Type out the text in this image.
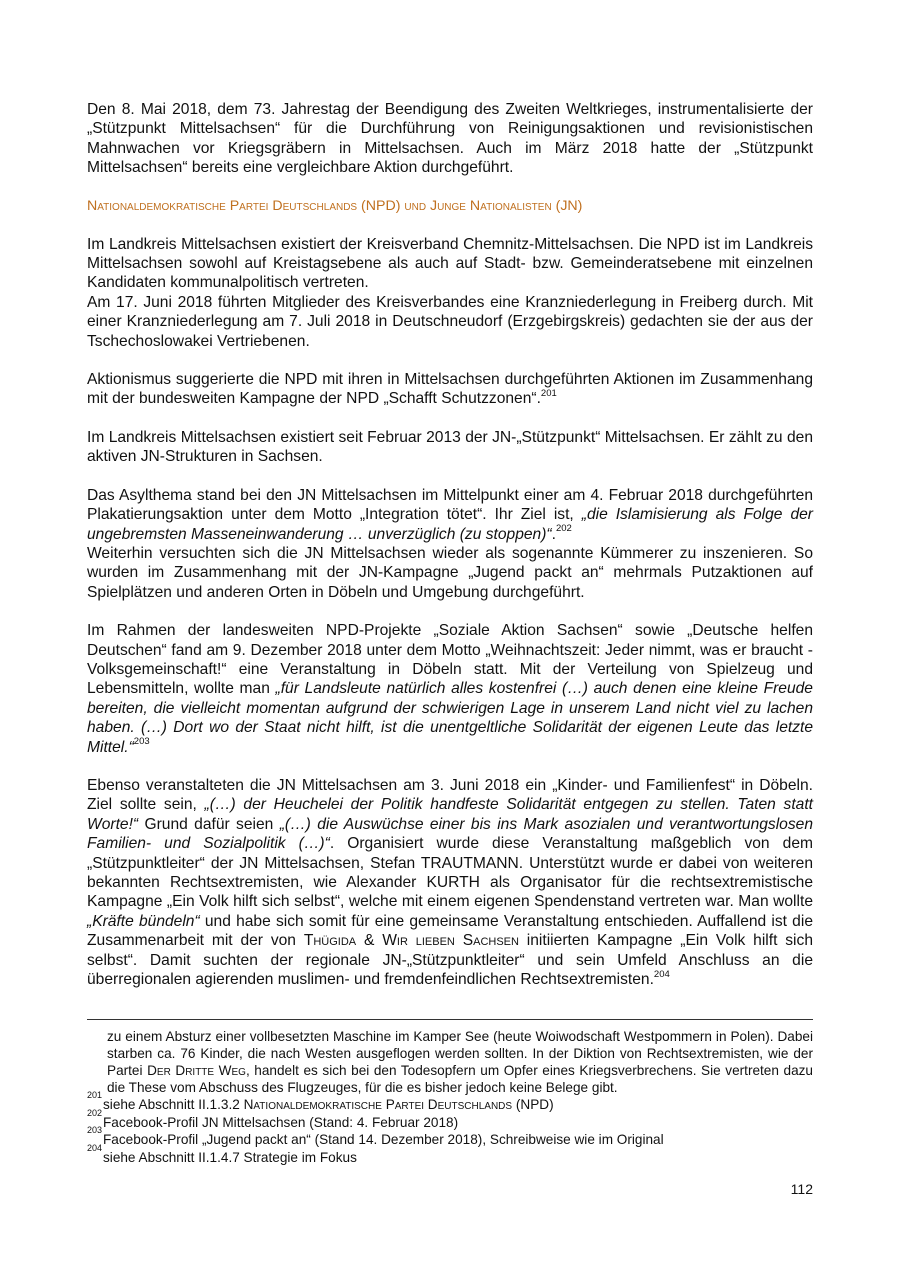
Den 8. Mai 2018, dem 73. Jahrestag der Beendigung des Zweiten Weltkrieges, instrumentalisierte der „Stützpunkt Mittelsachsen“ für die Durchführung von Reinigungsaktionen und revisionistischen Mahnwachen vor Kriegsgräbern in Mittelsachsen. Auch im März 2018 hatte der „Stützpunkt Mittelsachsen“ bereits eine vergleichbare Aktion durchgeführt.

Nationaldemokratische Partei Deutschlands (NPD) und Junge Nationalisten (JN)

Im Landkreis Mittelsachsen existiert der Kreisverband Chemnitz-Mittelsachsen. Die NPD ist im Landkreis Mittelsachsen sowohl auf Kreistagsebene als auch auf Stadt- bzw. Gemeinderatsebene mit einzelnen Kandidaten kommunalpolitisch vertreten.

Am 17. Juni 2018 führten Mitglieder des Kreisverbandes eine Kranzniederlegung in Freiberg durch. Mit einer Kranzniederlegung am 7. Juli 2018 in Deutschneudorf (Erzgebirgskreis) gedachten sie der aus der Tschechoslowakei Vertriebenen.

Aktionismus suggerierte die NPD mit ihren in Mittelsachsen durchgeführten Aktionen im Zusammenhang mit der bundesweiten Kampagne der NPD „Schafft Schutzzonen“.$^{201}$

Im Landkreis Mittelsachsen existiert seit Februar 2013 der JN-„Stützpunkt“ Mittelsachsen. Er zählt zu den aktiven JN-Strukturen in Sachsen.

Das Asylthema stand bei den JN Mittelsachsen im Mittelpunkt einer am 4. Februar 2018 durchgeführten Plakatierungsaktion unter dem Motto „Integration tötet“. Ihr Ziel ist, „die Islamisierung als Folge der ungebremsten Masseneinwanderung … unverzüglich (zu stoppen)“.$^{202}$

Weiterhin versuchten sich die JN Mittelsachsen wieder als sogenannte Kümmerer zu inszenieren. So wurden im Zusammenhang mit der JN-Kampagne „Jugend packt an“ mehrmals Putzaktionen auf Spielplätzen und anderen Orten in Döbeln und Umgebung durchgeführt.

Im Rahmen der landesweiten NPD-Projekte „Soziale Aktion Sachsen“ sowie „Deutsche helfen Deutschen“ fand am 9. Dezember 2018 unter dem Motto „Weihnachtszeit: Jeder nimmt, was er braucht - Volksgemeinschaft!“ eine Veranstaltung in Döbeln statt. Mit der Verteilung von Spielzeug und Lebensmitteln, wollte man „für Landsleute natürlich alles kostenfrei (…) auch denen eine kleine Freude bereiten, die vielleicht momentan aufgrund der schwierigen Lage in unserem Land nicht viel zu lachen haben. (…) Dort wo der Staat nicht hilft, ist die unentgeltliche Solidarität der eigenen Leute das letzte Mittel.“$^{203}$

Ebenso veranstalteten die JN Mittelsachsen am 3. Juni 2018 ein „Kinder- und Familienfest“ in Döbeln. Ziel sollte sein, „(…) der Heuchelei der Politik handfeste Solidarität entgegen zu stellen. Taten statt Worte!“ Grund dafür seien „(…) die Auswüchse einer bis ins Mark asozialen und verantwortungslosen Familien- und Sozialpolitik (…)“. Organisiert wurde diese Veranstaltung maßgeblich von dem „Stützpunktleiter“ der JN Mittelsachsen, Stefan TRAUTMANN. Unterstützt wurde er dabei von weiteren bekannten Rechtsextremisten, wie Alexander KURTH als Organisator für die rechtsextremistische Kampagne „Ein Volk hilft sich selbst“, welche mit einem eigenen Spendenstand vertreten war. Man wollte „Kräfte bündeln“ und habe sich somit für eine gemeinsame Veranstaltung entschieden. Auffallend ist die Zusammenarbeit mit der von Thügida & Wir lieben Sachsen initiierten Kampagne „Ein Volk hilft sich selbst“. Damit suchten der regionale JN-„Stützpunktleiter“ und sein Umfeld Anschluss an die überregionalen agierenden muslimen- und fremdenfeindlichen Rechtsextremisten.$^{204}$

zu einem Absturz einer vollbesetzten Maschine im Kamper See (heute Woiwodschaft Westpommern in Polen). Dabei starben ca. 76 Kinder, die nach Westen ausgeflogen werden sollten. In der Diktion von Rechtsextremisten, wie der Partei Der Dritte Weg, handelt es sich bei den Todesopfern um Opfer eines Kriegsverbrechens. Sie vertreten dazu die These vom Abschuss des Flugzeuges, für die es bisher jedoch keine Belege gibt.
$^{201}$
siehe Abschnitt II.1.3.2 Nationaldemokratische Partei Deutschlands (NPD)
$^{202}$
Facebook-Profil JN Mittelsachsen (Stand: 4. Februar 2018)
$^{203}$
Facebook-Profil „Jugend packt an“ (Stand 14. Dezember 2018), Schreibweise wie im Original
$^{204}$
siehe Abschnitt II.1.4.7 Strategie im Fokus
112
